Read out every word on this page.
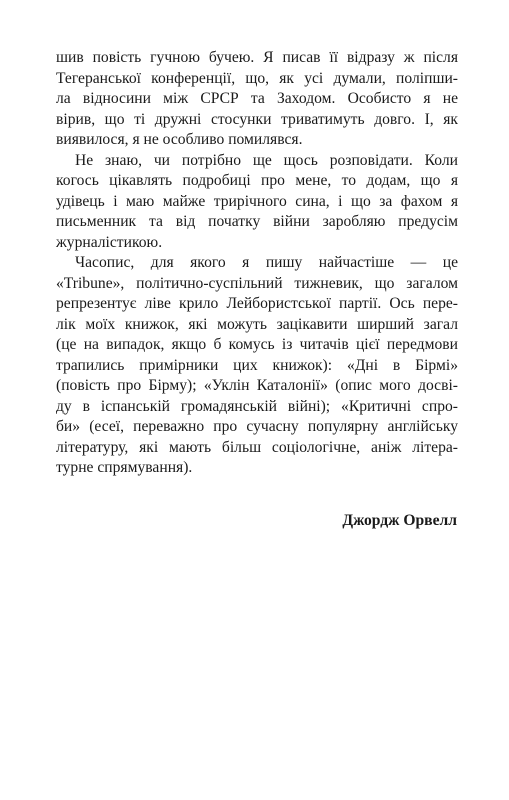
шив повість гучною бучею. Я писав її відразу ж після
Тегеранської конференції, що, як усі думали, поліпши-
ла відносини між СРСР та Заходом. Особисто я не
вірив, що ті дружні стосунки триватимуть довго. І, як
виявилося, я не особливо помилявся.

Не знаю, чи потрібно ще щось розповідати. Коли
когось цікавлять подробиці про мене, то додам, що я
удівець і маю майже трирічного сина, і що за фахом я
письменник та від початку війни заробляю предусім
журналістикою.

Часопис, для якого я пишу найчастіше — це
«Tribune», політично-суспільний тижневик, що загалом
репрезентує ліве крило Лейбористської партії. Ось пере-
лік моїх книжок, які можуть зацікавити ширший загал
(це на випадок, якщо б комусь із читачів цієї передмови
трапились примірники цих книжок): «Дні в Бірмі»
(повість про Бірму); «Уклін Каталонії» (опис мого досві-
ду в іспанській громадянській війні); «Критичні спро-
би» (есеї, переважно про сучасну популярну англійську
літературу, які мають більш соціологічне, аніж літера-
турне спрямування).

Джордж Орвелл
